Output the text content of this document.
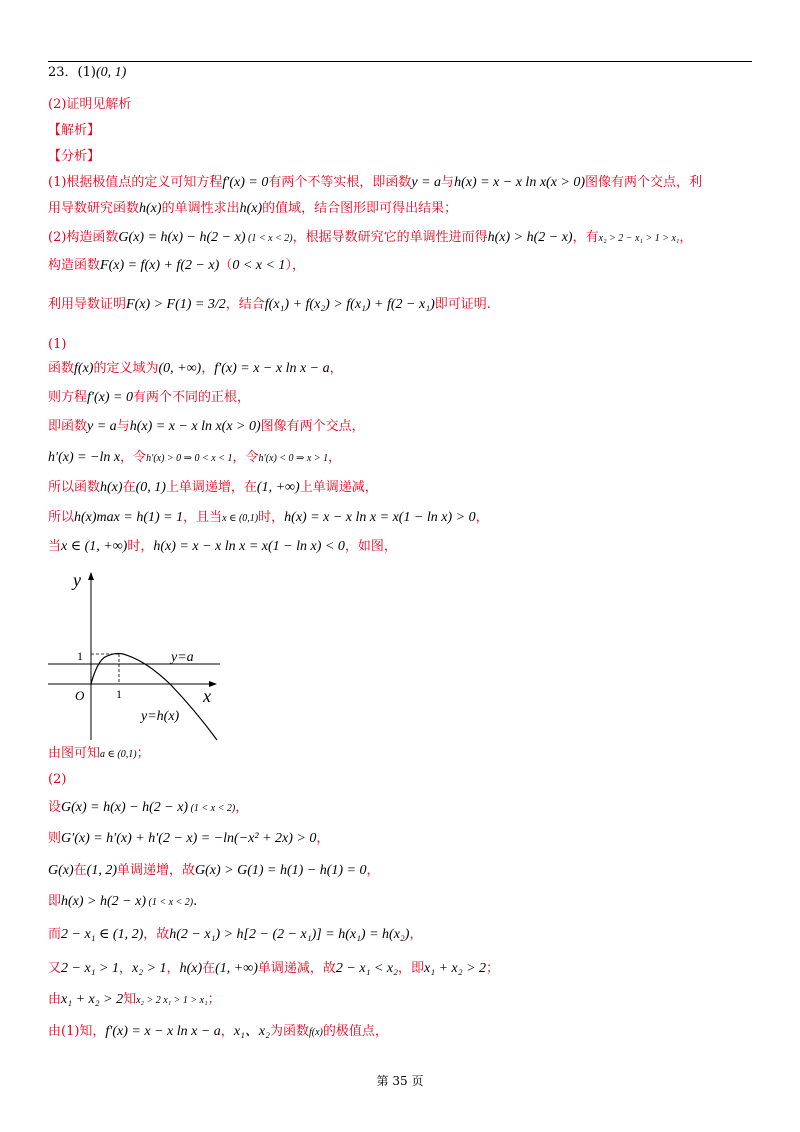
23．(1)(0, 1)
(2)证明见解析
【解析】
【分析】
(1)根据极值点的定义可知方程f′(x) = 0有两个不等实根，即函数y = a与h(x) = x − x ln x(x > 0)图像有两个交点，利
用导数研究函数h(x)的单调性求出h(x)的值域，结合图形即可得出结果；
(2)构造函数G(x) = h(x) − h(2 − x) (1 < x < 2)，根据导数研究它的单调性进而得h(x) > h(2 − x)，有x₂ > 2 − x₁ > 1 > x₁，
构造函数F(x) = f(x) + f(2 − x)（0 < x < 1），
利用导数证明F(x) > F(1) = 3/2，结合f(x₁) + f(x₂) > f(x₁) + f(2 − x₁)即可证明.
(1)
函数f(x)的定义域为(0, +∞)，f′(x) = x − x ln x − a，
则方程f′(x) = 0有两个不同的正根，
即函数y = a与h(x) = x − x ln x(x > 0)图像有两个交点，
h′(x) = −ln x，令h′(x) > 0 ⇒ 0 < x < 1，令h′(x) < 0 ⇒ x > 1，
所以函数h(x)在(0, 1)上单调递增，在(1, +∞)上单调递减，
所以h(x)max = h(1) = 1，且当x ∈ (0,1)时，h(x) = x − x ln x = x(1 − ln x) > 0，
当x ∈ (1, +∞)时，h(x) = x − x ln x = x(1 − ln x) < 0，如图，
由图可知a ∈ (0,1)；
(2)
设G(x) = h(x) − h(2 − x) (1 < x < 2)，
则G′(x) = h′(x) + h′(2 − x) = −ln(−x² + 2x) > 0，
G(x)在(1, 2)单调递增，故G(x) > G(1) = h(1) − h(1) = 0，
即h(x) > h(2 − x) (1 < x < 2).
而2 − x₁ ∈ (1, 2)，故h(2 − x₁) > h[2 − (2 − x₁)] = h(x₁) = h(x₂)，
又2 − x₁ > 1，x₂ > 1，h(x)在(1, +∞)单调递减，故2 − x₁ < x₂，即x₁ + x₂ > 2；
由x₁ + x₂ > 2知x₂ > 2 x₁ > 1 > x₁；
由(1)知，f′(x) = x − x ln x − a，x₁、x₂为函数f(x)的极值点，
y
x
O
1
1
y=a
y=h(x)
第 35 页
